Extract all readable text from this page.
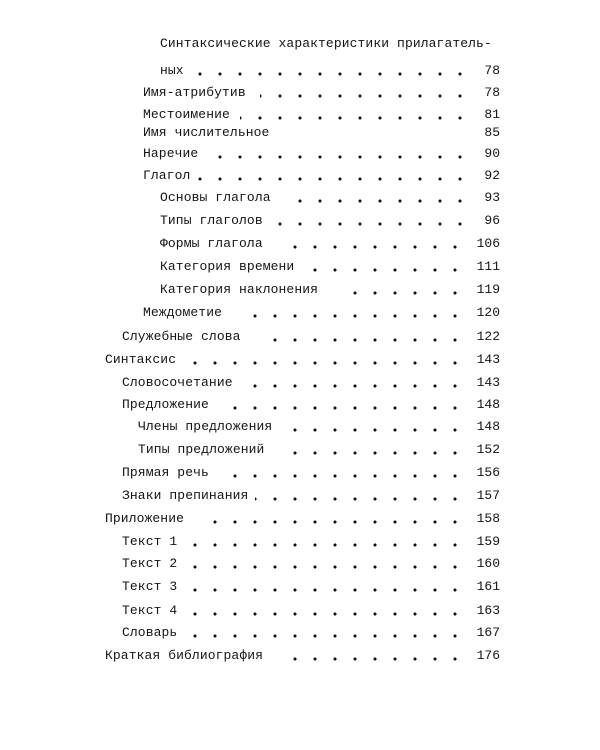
Синтаксические характеристики прилагатель-
ных	78
Имя-атрибутив	78
Местоимение	81
Имя числительное	85
Наречие	90
Глагол	92
Основы глагола	93
Типы глаголов	96
Формы глагола	106
Категория времени	111
Категория наклонения	119
Междометие	120
Служебные слова	122
Синтаксис	143
Словосочетание	143
Предложение	148
Члены предложения	148
Типы предложений	152
Прямая речь	156
Знаки препинания	157
Приложение	158
Текст 1	159
Текст 2	160
Текст 3	161
Текст 4	163
Словарь	167
Краткая библиография	176
